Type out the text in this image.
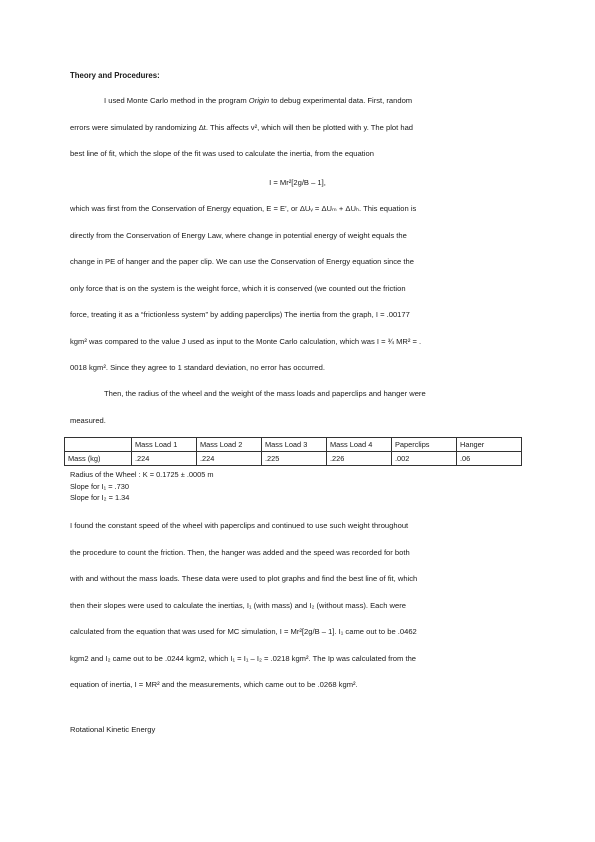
Theory and Procedures:
I used Monte Carlo method in the program Origin to debug experimental data. First, random
errors were simulated by randomizing Δt. This affects v², which will then be plotted with y. The plot had
best line of fit, which the slope of the fit was used to calculate the inertia, from the equation
I = Mr²[2g/B – 1],
which was first from the Conservation of Energy equation, E = E’, or ΔUᵥ = ΔUₘ + ΔUₕ. This equation is
directly from the Conservation of Energy Law, where change in potential energy of weight equals the
change in PE of hanger and the paper clip. We can use the Conservation of Energy equation since the
only force that is on the system is the weight force, which it is conserved (we counted out the friction
force, treating it as a “frictionless system” by adding paperclips) The inertia from the graph, I = .00177
kgm² was compared to the value J used as input to the Monte Carlo calculation, which was I = ¾ MR² = .
0018 kgm². Since they agree to 1 standard deviation, no error has occurred.
Then, the radius of the wheel and the weight of the mass loads and paperclips and hanger were
measured.
	Mass Load 1	Mass Load 2	Mass Load 3	Mass Load 4	Paperclips	Hanger
Mass (kg)	.224	.224	.225	.226	.002	.06
Radius of the Wheel : K = 0.1725 ± .0005 m
Slope for I₁ = .730
Slope for I₂ = 1.34
I found the constant speed of the wheel with paperclips and continued to use such weight throughout
the procedure to count the friction. Then, the hanger was added and the speed was recorded for both
with and without the mass loads. These data were used to plot graphs and find the best line of fit, which
then their slopes were used to calculate the inertias, I₁ (with mass) and I₂ (without mass). Each were
calculated from the equation that was used for MC simulation, I = Mr²[2g/B – 1]. I₁ came out to be .0462
kgm2 and I₂ came out to be .0244 kgm2, which I₁ = I₁ – I₂ = .0218 kgm². The Ip was calculated from the
equation of inertia, I = MR² and the measurements, which came out to be .0268 kgm².
Rotational Kinetic Energy
